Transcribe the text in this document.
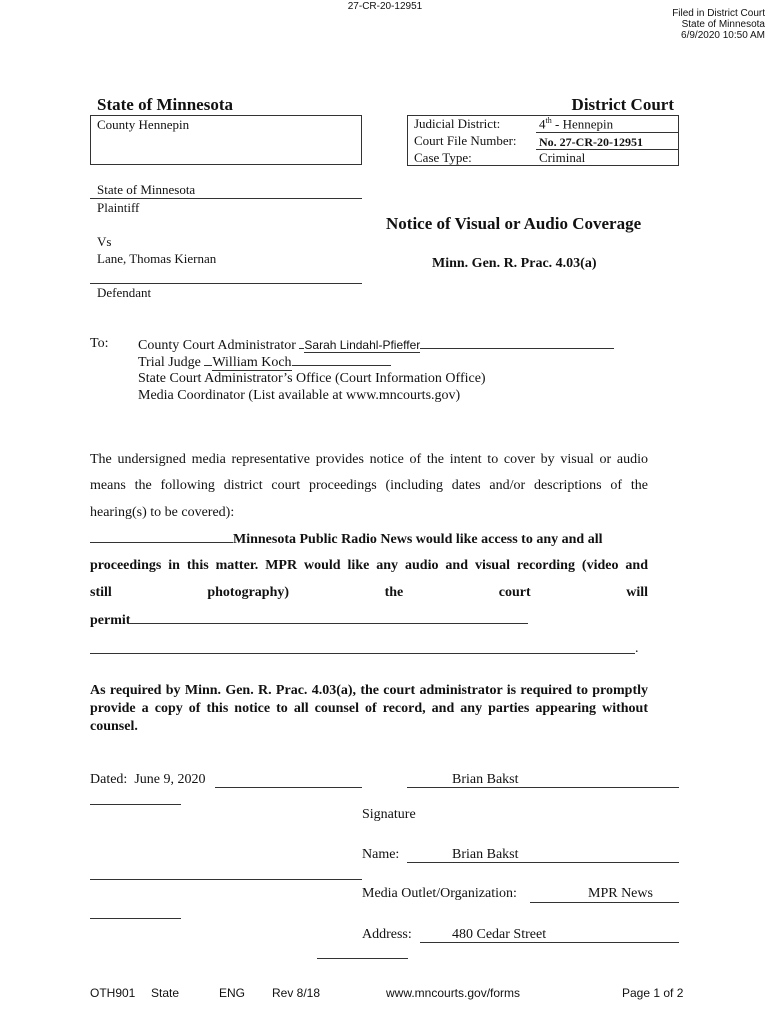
27-CR-20-12951
Filed in District Court
State of Minnesota
6/9/2020 10:50 AM
State of Minnesota	District Court
County Hennepin	Judicial District:	4th - Hennepin
Court File Number: No. 27-CR-20-12951
Case Type:	Criminal
State of Minnesota
Plaintiff
Vs
Lane, Thomas Kiernan
Defendant
Notice of Visual or Audio Coverage
Minn. Gen. R. Prac. 4.03(a)
To: County Court Administrator Sarah Lindahl-Pfieffer
Trial Judge William Koch
State Court Administrator’s Office (Court Information Office)
Media Coordinator (List available at www.mncourts.gov)
The undersigned media representative provides notice of the intent to cover by visual or audio
means the following district court proceedings (including dates and/or descriptions of the
hearing(s) to be covered):
Minnesota Public Radio News would like access to any and all
proceedings in this matter. MPR would like any audio and visual recording (video and
still	photography)	the	court	will
permit
.
As required by Minn. Gen. R. Prac. 4.03(a), the court administrator is required to promptly provide a copy of this notice to all counsel of record, and any parties appearing without counsel.
Dated: June 9, 2020	Brian Bakst
Signature
Name:	Brian Bakst
Media Outlet/Organization:	MPR News
Address:	480 Cedar Street
OTH901 State	ENG Rev 8/18	www.mncourts.gov/forms	Page 1 of 2
